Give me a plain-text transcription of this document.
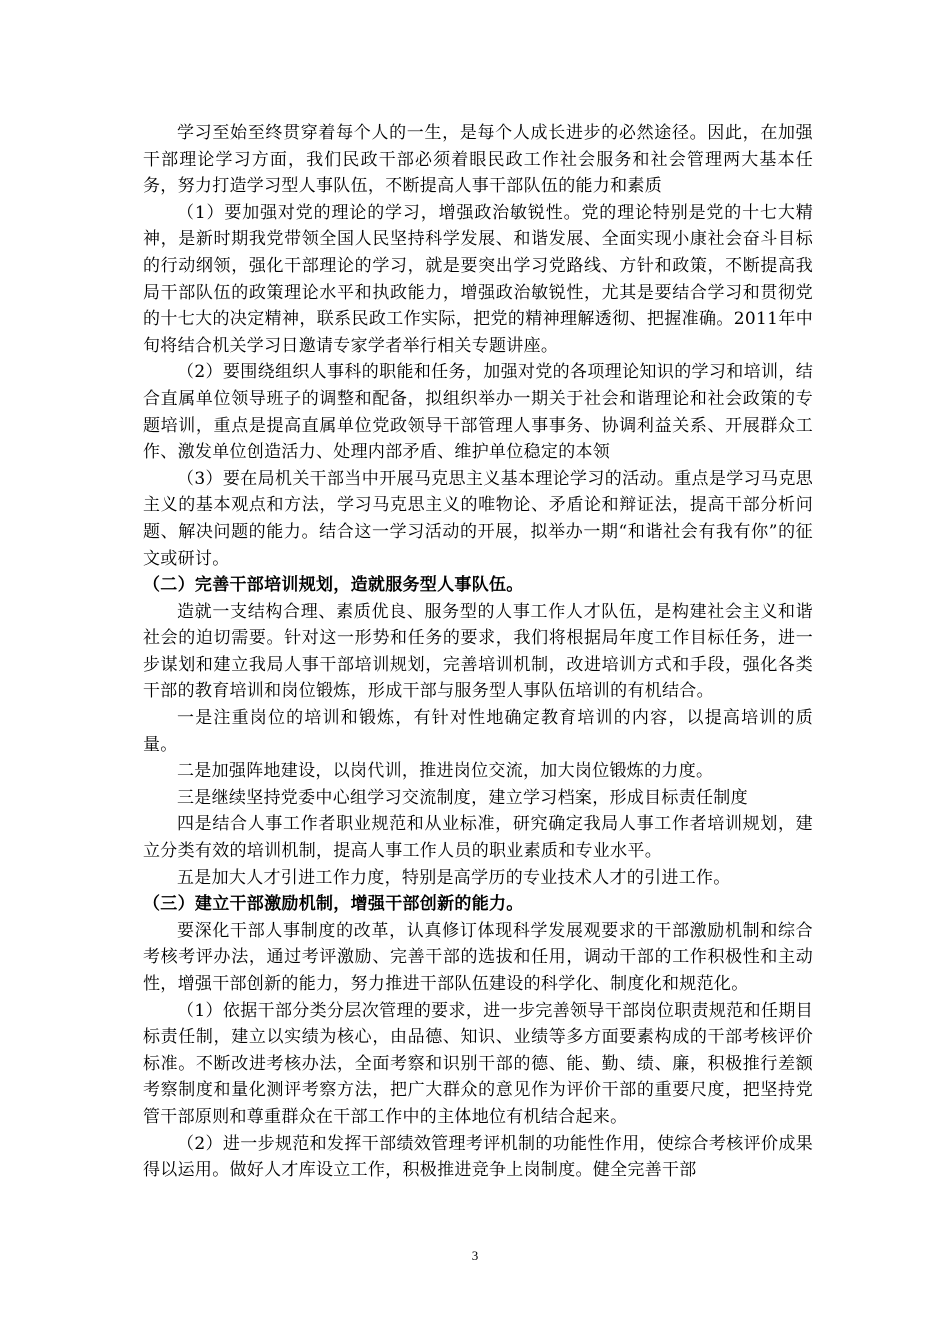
学习至始至终贯穿着每个人的一生，是每个人成长进步的必然途径。因此，在加强干部理论学习方面，我们民政干部必须着眼民政工作社会服务和社会管理两大基本任务，努力打造学习型人事队伍，不断提高人事干部队伍的能力和素质

（1）要加强对党的理论的学习，增强政治敏锐性。党的理论特别是党的十七大精神，是新时期我党带领全国人民坚持科学发展、和谐发展、全面实现小康社会奋斗目标的行动纲领，强化干部理论的学习，就是要突出学习党路线、方针和政策，不断提高我局干部队伍的政策理论水平和执政能力，增强政治敏锐性，尤其是要结合学习和贯彻党的十七大的决定精神，联系民政工作实际，把党的精神理解透彻、把握准确。2011年中旬将结合机关学习日邀请专家学者举行相关专题讲座。

（2）要围绕组织人事科的职能和任务，加强对党的各项理论知识的学习和培训，结合直属单位领导班子的调整和配备，拟组织举办一期关于社会和谐理论和社会政策的专题培训，重点是提高直属单位党政领导干部管理人事事务、协调利益关系、开展群众工作、激发单位创造活力、处理内部矛盾、维护单位稳定的本领

（3）要在局机关干部当中开展马克思主义基本理论学习的活动。重点是学习马克思主义的基本观点和方法，学习马克思主义的唯物论、矛盾论和辩证法，提高干部分析问题、解决问题的能力。结合这一学习活动的开展，拟举办一期“和谐社会有我有你”的征文或研讨。

（二）完善干部培训规划，造就服务型人事队伍。

造就一支结构合理、素质优良、服务型的人事工作人才队伍，是构建社会主义和谐社会的迫切需要。针对这一形势和任务的要求，我们将根据局年度工作目标任务，进一步谋划和建立我局人事干部培训规划，完善培训机制，改进培训方式和手段，强化各类干部的教育培训和岗位锻炼，形成干部与服务型人事队伍培训的有机结合。

一是注重岗位的培训和锻炼，有针对性地确定教育培训的内容，以提高培训的质量。

二是加强阵地建设，以岗代训，推进岗位交流，加大岗位锻炼的力度。

三是继续坚持党委中心组学习交流制度，建立学习档案，形成目标责任制度

四是结合人事工作者职业规范和从业标准，研究确定我局人事工作者培训规划，建立分类有效的培训机制，提高人事工作人员的职业素质和专业水平。

五是加大人才引进工作力度，特别是高学历的专业技术人才的引进工作。

（三）建立干部激励机制，增强干部创新的能力。

要深化干部人事制度的改革，认真修订体现科学发展观要求的干部激励机制和综合考核考评办法，通过考评激励、完善干部的选拔和任用，调动干部的工作积极性和主动性，增强干部创新的能力，努力推进干部队伍建设的科学化、制度化和规范化。

（1）依据干部分类分层次管理的要求，进一步完善领导干部岗位职责规范和任期目标责任制，建立以实绩为核心，由品德、知识、业绩等多方面要素构成的干部考核评价标准。不断改进考核办法，全面考察和识别干部的德、能、勤、绩、廉，积极推行差额考察制度和量化测评考察方法，把广大群众的意见作为评价干部的重要尺度，把坚持党管干部原则和尊重群众在干部工作中的主体地位有机结合起来。

（2）进一步规范和发挥干部绩效管理考评机制的功能性作用，使综合考核评价成果得以运用。做好人才库设立工作，积极推进竞争上岗制度。健全完善干部

3
